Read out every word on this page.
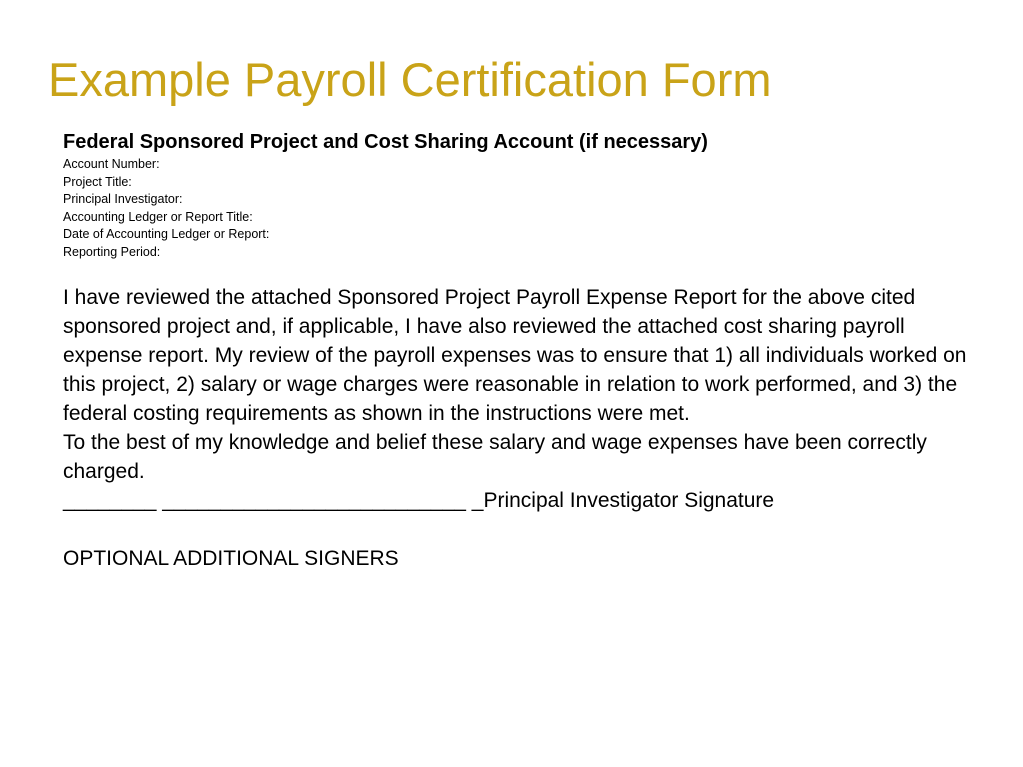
Example Payroll Certification Form
Federal Sponsored Project and Cost Sharing Account (if necessary)
Account Number:
Project Title:
Principal Investigator:
Accounting Ledger or Report Title:
Date of Accounting Ledger or Report:
Reporting Period:

I have reviewed the attached Sponsored Project Payroll Expense Report for the above cited sponsored project and, if applicable, I have also reviewed the attached cost sharing payroll expense report. My review of the payroll expenses was to ensure that 1) all individuals worked on this project, 2) salary or wage charges were reasonable in relation to work performed, and 3) the federal costing requirements as shown in the instructions were met.

To the best of my knowledge and belief these salary and wage expenses have been correctly charged.

________ __________________________ _Principal Investigator Signature
OPTIONAL ADDITIONAL SIGNERS
